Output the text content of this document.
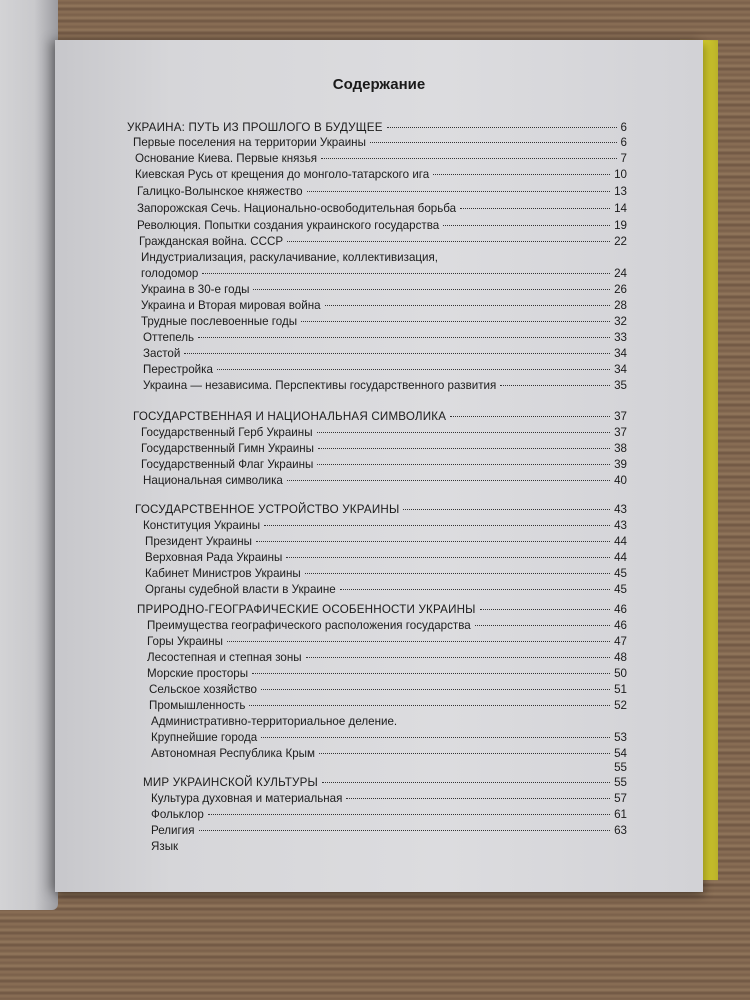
Содержание
УКРАИНА: ПУТЬ ИЗ ПРОШЛОГО В БУДУЩЕЕ	6
Первые поселения на территории Украины	6
Основание Киева. Первые князья	7
Киевская Русь от крещения до монголо-татарского ига	10
Галицко-Волынское княжество	13
Запорожская Сечь. Национально-освободительная борьба	14
Революция. Попытки создания украинского государства	19
Гражданская война. СССР	22
Индустриализация, раскулачивание, коллективизация,
голодомор	24
Украина в 30-е годы	26
Украина и Вторая мировая война	28
Трудные послевоенные годы	32
Оттепель	33
Застой	34
Перестройка	34
Украина — независима. Перспективы государственного развития	35
ГОСУДАРСТВЕННАЯ И НАЦИОНАЛЬНАЯ СИМВОЛИКА	37
Государственный Герб Украины	37
Государственный Гимн Украины	38
Государственный Флаг Украины	39
Национальная символика	40
ГОСУДАРСТВЕННОЕ УСТРОЙСТВО УКРАИНЫ	43
Конституция Украины	43
Президент Украины	44
Верховная Рада Украины	44
Кабинет Министров Украины	45
Органы судебной власти в Украине	45
ПРИРОДНО-ГЕОГРАФИЧЕСКИЕ ОСОБЕННОСТИ УКРАИНЫ	46
Преимущества географического расположения государства	46
Горы Украины	47
Лесостепная и степная зоны	48
Морские просторы	50
Сельское хозяйство	51
Промышленность	52
Административно-территориальное деление.
Крупнейшие города	53
Автономная Республика Крым	54
55
МИР УКРАИНСКОЙ КУЛЬТУРЫ	55
Культура духовная и материальная	57
Фольклор	61
Религия	63
Язык
